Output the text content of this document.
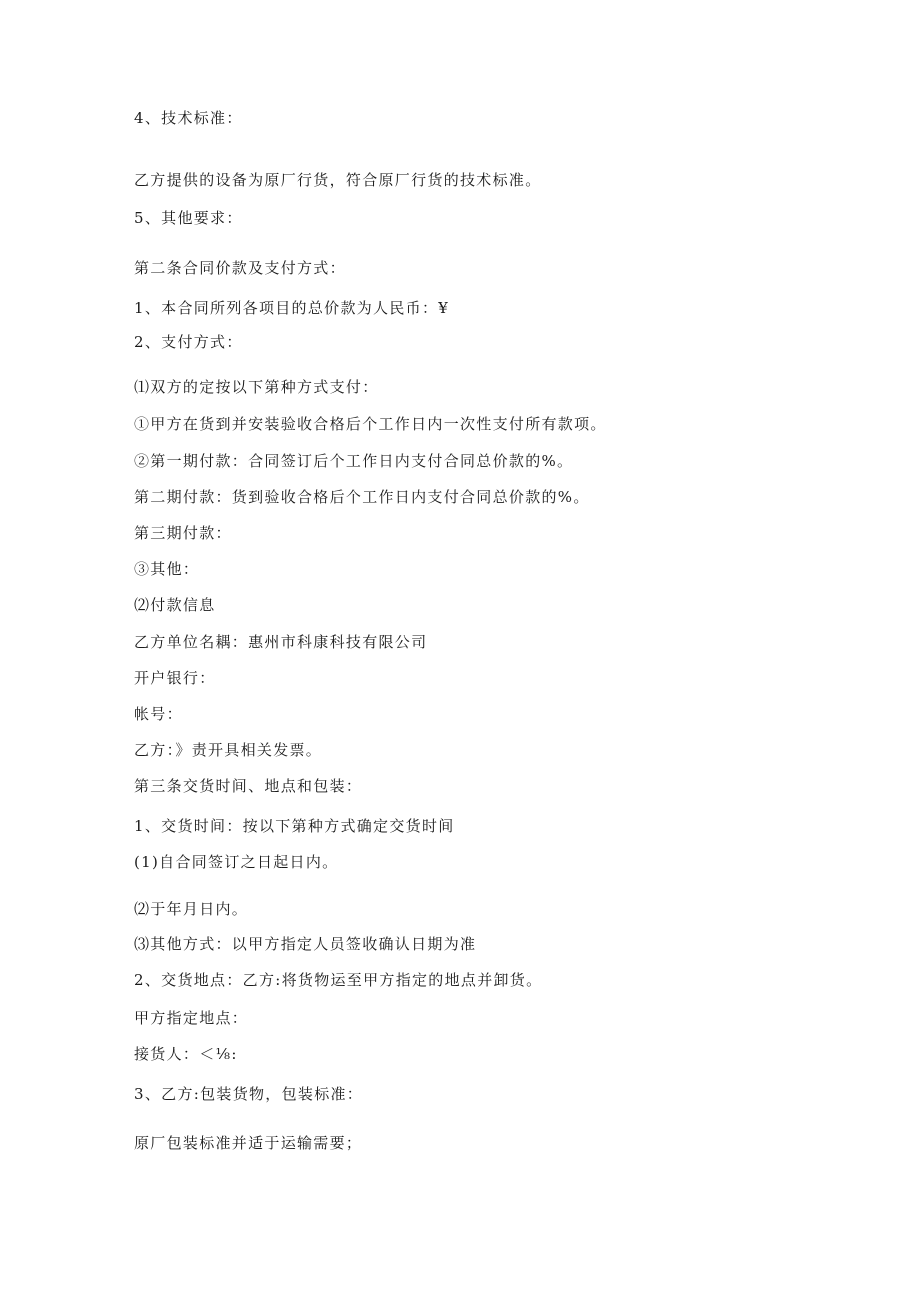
4、技术标准：
乙方提供的设备为原厂行货，符合原厂行货的技术标准。
5、其他要求：
第二条合同价款及支付方式：
1、本合同所列各项目的总价款为人民币：¥
2、支付方式：
⑴双方的定按以下第种方式支付：
①甲方在货到并安装验收合格后个工作日内一次性支付所有款项。
②第一期付款：合同签订后个工作日内支付合同总价款的%。
第二期付款：货到验收合格后个工作日内支付合同总价款的%。
第三期付款：
③其他：
⑵付款信息
乙方单位名耦：惠州市科康科技有限公司
开户银行：
帐号：
乙方：》责开具相关发票。
第三条交货时间、地点和包装：
1、交货时间：按以下第种方式确定交货时间
(1)自合同签订之日起日内。
⑵于年月日内。
⑶其他方式：以甲方指定人员签收确认日期为准
2、交货地点：乙方:将货物运至甲方指定的地点并卸货。
甲方指定地点：
接货人：＜⅛:
3、乙方:包装货物，包装标准：
原厂包装标准并适于运输需要；
